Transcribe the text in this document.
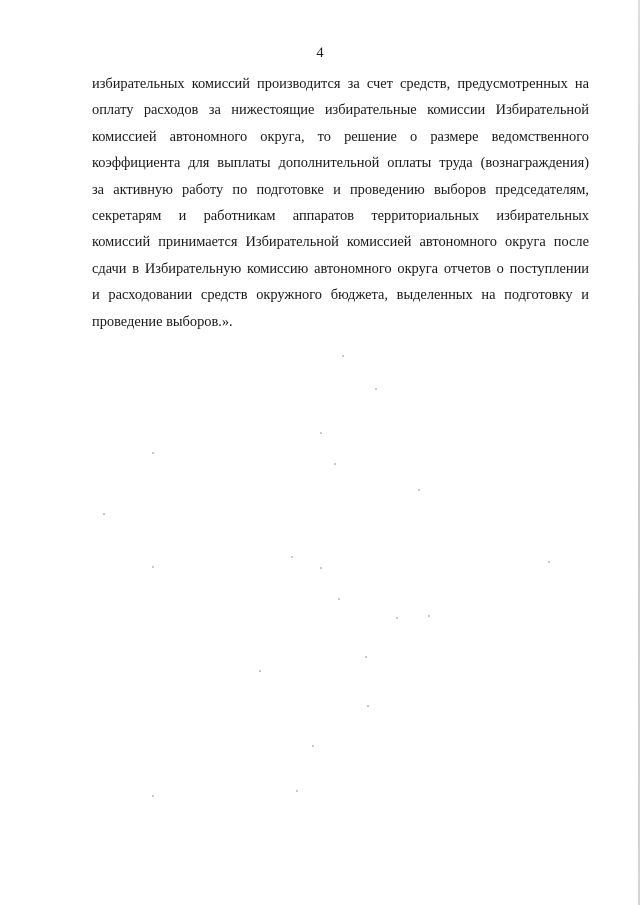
4
избирательных комиссий производится за счет средств, предусмотренных на
оплату расходов за нижестоящие избирательные комиссии Избирательной
комиссией автономного округа, то решение о размере ведомственного
коэффициента для выплаты дополнительной оплаты труда (вознаграждения)
за активную работу по подготовке и проведению выборов председателям,
секретарям и работникам аппаратов территориальных избирательных
комиссий принимается Избирательной комиссией автономного округа после
сдачи в Избирательную комиссию автономного округа отчетов о поступлении
и расходовании средств окружного бюджета, выделенных на подготовку и
проведение выборов.».
